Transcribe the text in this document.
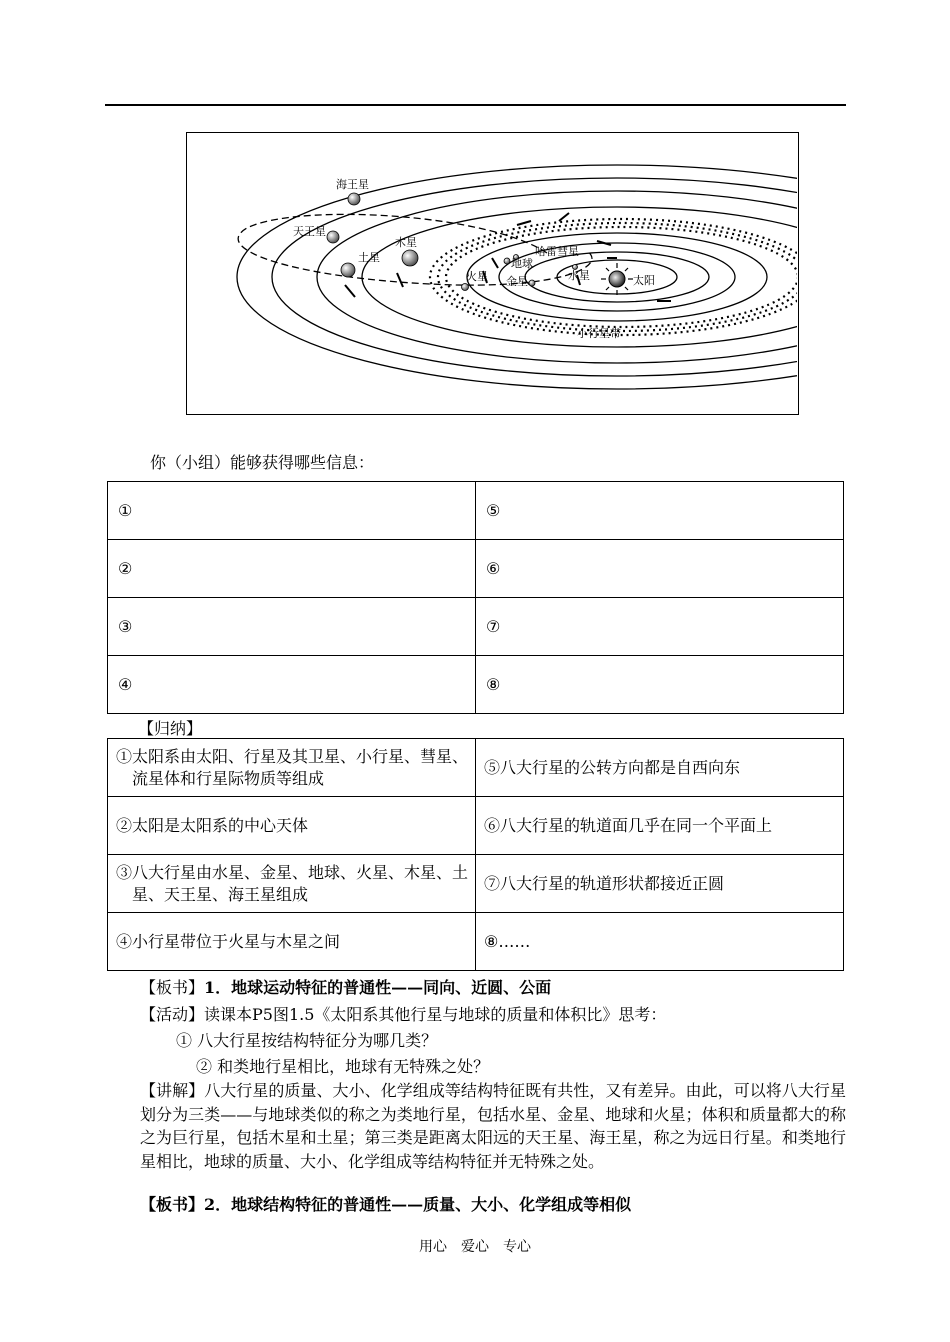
海王星
天王星
土星
木星
哈雷彗星
地球
火星 金星	水星	太阳
小行星带
你（小组）能够获得哪些信息：
①	⑤
②	⑥
③	⑦
④	⑧
【归纳】
①太阳系由太阳、行星及其卫星、小行星、彗星、流星体和行星际物质等组成	⑤八大行星的公转方向都是自西向东

②太阳是太阳系的中心天体	⑥八大行星的轨道面几乎在同一个平面上

③八大行星由水星、金星、地球、火星、木星、土星、天王星、海王星组成	⑦八大行星的轨道形状都接近正圆

④小行星带位于火星与木星之间	⑧……
【板书】1．地球运动特征的普通性——同向、近圆、公面
【活动】读课本P5图1.5《太阳系其他行星与地球的质量和体积比》思考：
① 八大行星按结构特征分为哪几类？
② 和类地行星相比，地球有无特殊之处？
【讲解】八大行星的质量、大小、化学组成等结构特征既有共性，又有差异。由此，可以将八大行星划分为三类——与地球类似的称之为类地行星，包括水星、金星、地球和火星；体积和质量都大的称之为巨行星，包括木星和土星；第三类是距离太阳远的天王星、海王星，称之为远日行星。和类地行星相比，地球的质量、大小、化学组成等结构特征并无特殊之处。
【板书】2．地球结构特征的普通性——质量、大小、化学组成等相似
用心　爱心　专心
